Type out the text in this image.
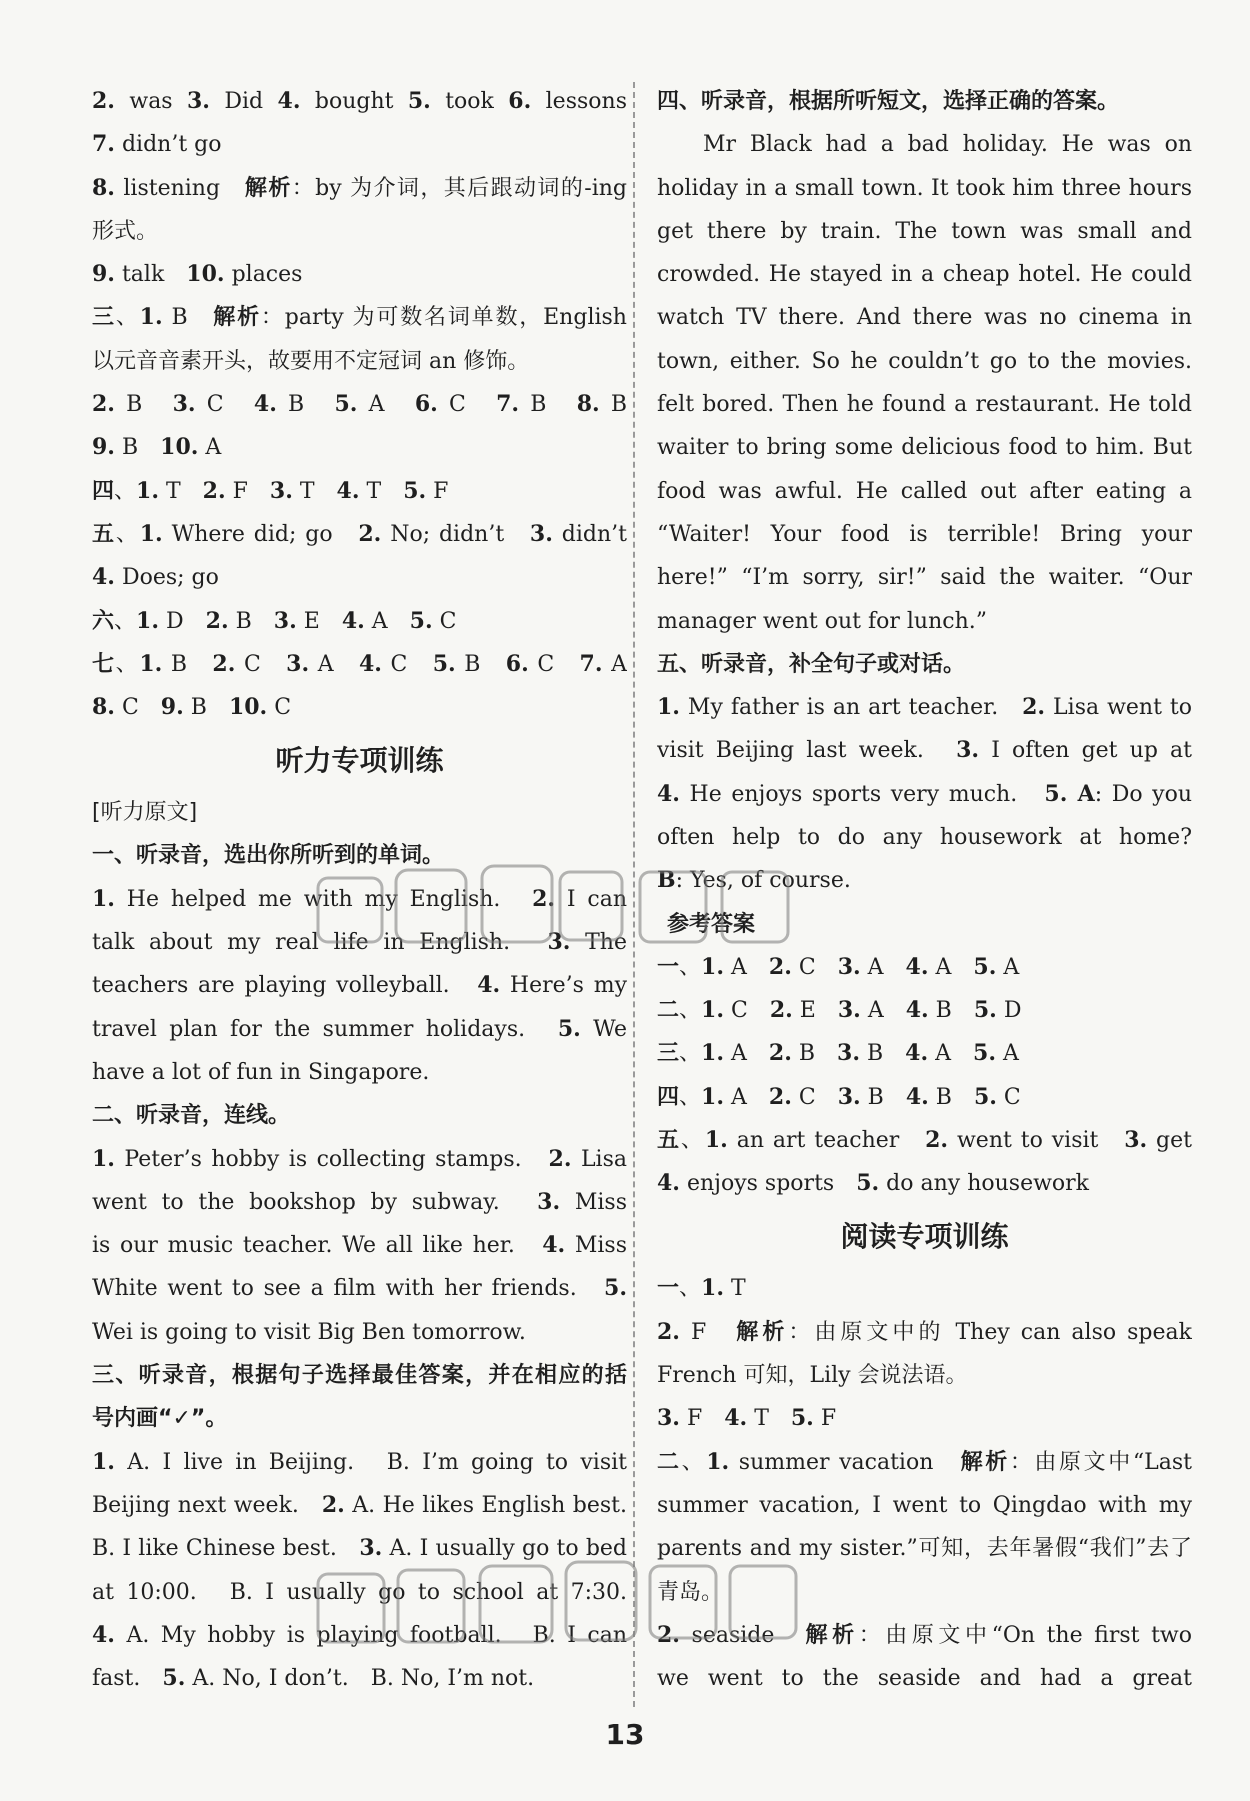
2. was 3. Did 4. bought 5. took 6. lessons

7. didn’t go

8. listening　解析：by 为介词，其后跟动词的-ing

形式。

9. talk　10. places

三、1. B　解析：party 为可数名词单数，English

以元音音素开头，故要用不定冠词 an 修饰。

2. B　3. C　4. B　5. A　6. C　7. B　8. B

9. B　10. A

四、1. T　2. F　3. T　4. T　5. F

五、1. Where did; go　2. No; didn’t　3. didn’t

4. Does; go

六、1. D　2. B　3. E　4. A　5. C

七、1. B　2. C　3. A　4. C　5. B　6. C　7. A

8. C　9. B　10. C

听力专项训练

[听力原文]

一、听录音，选出你所听到的单词。

1. He helped me with my English.　2. I can

talk about my real life in English.　3. The

teachers are playing volleyball.　4. Here’s my

travel plan for the summer holidays.　5. We

have a lot of fun in Singapore.

二、听录音，连线。

1. Peter’s hobby is collecting stamps.　2. Lisa

went to the bookshop by subway.　3. Miss

is our music teacher. We all like her.　4. Miss

White went to see a film with her friends.　5.

Wei is going to visit Big Ben tomorrow.

三、听录音，根据句子选择最佳答案，并在相应的括

号内画“✓”。

1. A. I live in Beijing.　B. I’m going to visit

Beijing next week.　2. A. He likes English best.

B. I like Chinese best.　3. A. I usually go to bed

at 10:00.　B. I usually go to school at 7:30.

4. A. My hobby is playing football.　B. I can

fast.　5. A. No, I don’t.　B. No, I’m not.

四、听录音，根据所听短文，选择正确的答案。

Mr Black had a bad holiday. He was on

holiday in a small town. It took him three hours

get there by train. The town was small and

crowded. He stayed in a cheap hotel. He could

watch TV there. And there was no cinema in

town, either. So he couldn’t go to the movies.

felt bored. Then he found a restaurant. He told

waiter to bring some delicious food to him. But

food was awful. He called out after eating a

“Waiter! Your food is terrible! Bring your

here!” “I’m sorry, sir!” said the waiter. “Our

manager went out for lunch.”

五、听录音，补全句子或对话。

1. My father is an art teacher.　2. Lisa went to

visit Beijing last week.　3. I often get up at

4. He enjoys sports very much.　5. A: Do you

often help to do any housework at home?

B: Yes, of course.

参考答案

一、1. A　2. C　3. A　4. A　5. A

二、1. C　2. E　3. A　4. B　5. D

三、1. A　2. B　3. B　4. A　5. A

四、1. A　2. C　3. B　4. B　5. C

五、1. an art teacher　2. went to visit　3. get

4. enjoys sports　5. do any housework

阅读专项训练

一、1. T

2. F　解析：由原文中的 They can also speak

French 可知，Lily 会说法语。

3. F　4. T　5. F

二、1. summer vacation　解析：由原文中“Last

summer vacation, I went to Qingdao with my

parents and my sister.”可知，去年暑假“我们”去了

青岛。

2. seaside　解析：由原文中“On the first two

we went to the seaside and had a great

13
